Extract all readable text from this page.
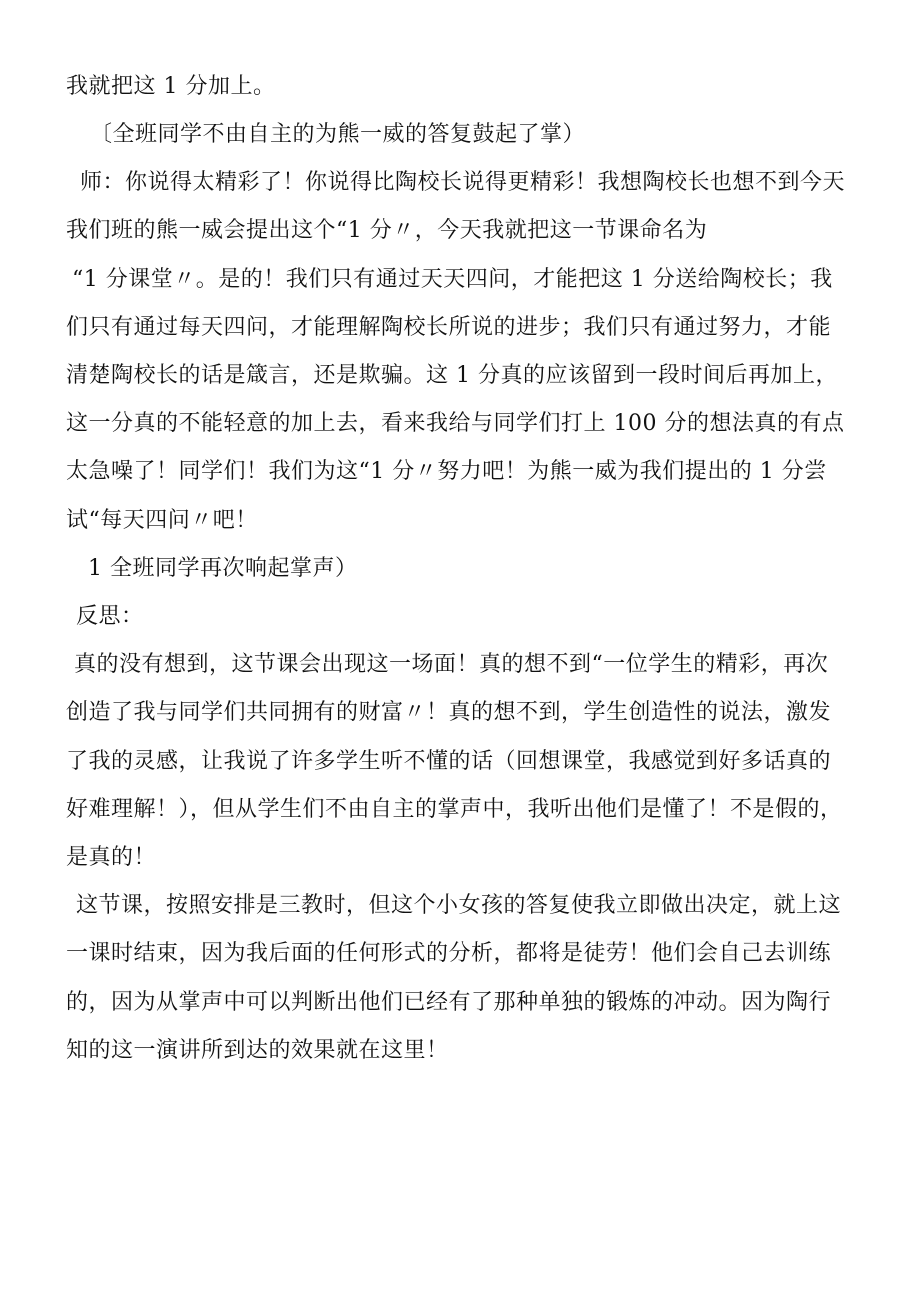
我就把这 1 分加上。
〔全班同学不由自主的为熊一威的答复鼓起了掌）
师：你说得太精彩了！你说得比陶校长说得更精彩！我想陶校长也想不到今天
我们班的熊一威会提出这个“1 分〃，今天我就把这一节课命名为
“1 分课堂〃。是的！我们只有通过天天四问，才能把这 1 分送给陶校长；我
们只有通过每天四问，才能理解陶校长所说的进步；我们只有通过努力，才能
清楚陶校长的话是箴言，还是欺骗。这 1 分真的应该留到一段时间后再加上，
这一分真的不能轻意的加上去，看来我给与同学们打上 100 分的想法真的有点
太急噪了！同学们！我们为这“1 分〃努力吧！为熊一威为我们提出的 1 分尝
试“每天四问〃吧！
1 全班同学再次响起掌声）
反思：
真的没有想到，这节课会出现这一场面！真的想不到“一位学生的精彩，再次
创造了我与同学们共同拥有的财富〃！真的想不到，学生创造性的说法，激发
了我的灵感，让我说了许多学生听不懂的话（回想课堂，我感觉到好多话真的
好难理解！），但从学生们不由自主的掌声中，我听出他们是懂了！不是假的，
是真的！
这节课，按照安排是三教时，但这个小女孩的答复使我立即做出决定，就上这
一课时结束，因为我后面的任何形式的分析，都将是徒劳！他们会自己去训练
的，因为从掌声中可以判断出他们已经有了那种单独的锻炼的冲动。因为陶行
知的这一演讲所到达的效果就在这里！
